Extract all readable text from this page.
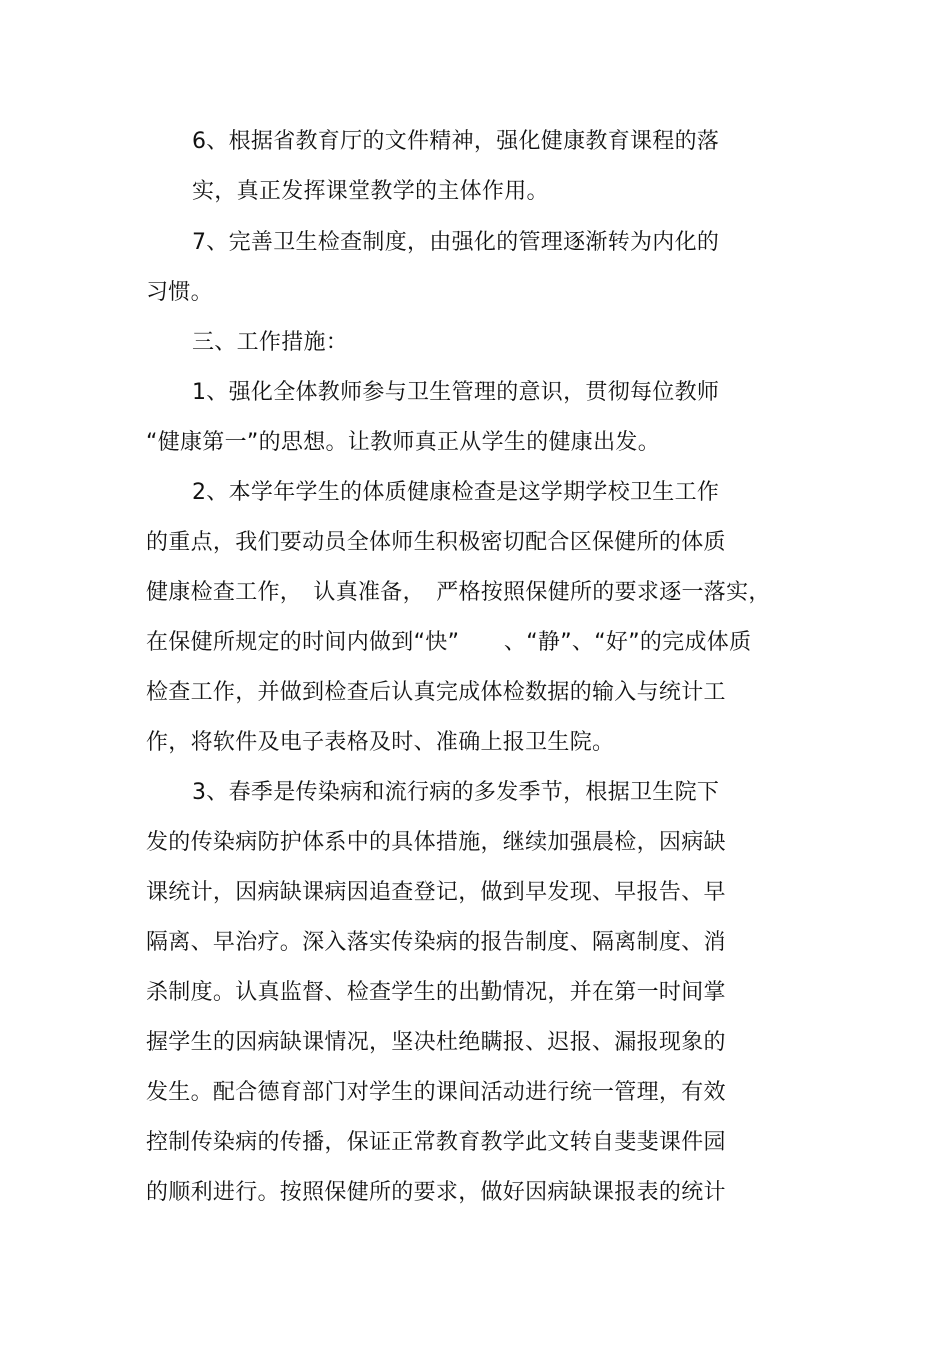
6、根据省教育厅的文件精神，强化健康教育课程的落
实，真正发挥课堂教学的主体作用。
7、完善卫生检查制度，由强化的管理逐渐转为内化的
习惯。
三、工作措施：
1、强化全体教师参与卫生管理的意识，贯彻每位教师
“健康第一”的思想。让教师真正从学生的健康出发。
2、本学年学生的体质健康检查是这学期学校卫生工作
的重点，我们要动员全体师生积极密切配合区保健所的体质
健康检查工作，　认真准备，　严格按照保健所的要求逐一落实，
在保健所规定的时间内做到“快”　　、“静”、“好”的完成体质
检查工作，并做到检查后认真完成体检数据的输入与统计工
作，将软件及电子表格及时、准确上报卫生院。
3、春季是传染病和流行病的多发季节，根据卫生院下
发的传染病防护体系中的具体措施，继续加强晨检，因病缺
课统计，因病缺课病因追查登记，做到早发现、早报告、早
隔离、早治疗。深入落实传染病的报告制度、隔离制度、消
杀制度。认真监督、检查学生的出勤情况，并在第一时间掌
握学生的因病缺课情况，坚决杜绝瞒报、迟报、漏报现象的
发生。配合德育部门对学生的课间活动进行统一管理，有效
控制传染病的传播，保证正常教育教学此文转自斐斐课件园
的顺利进行。按照保健所的要求，做好因病缺课报表的统计
